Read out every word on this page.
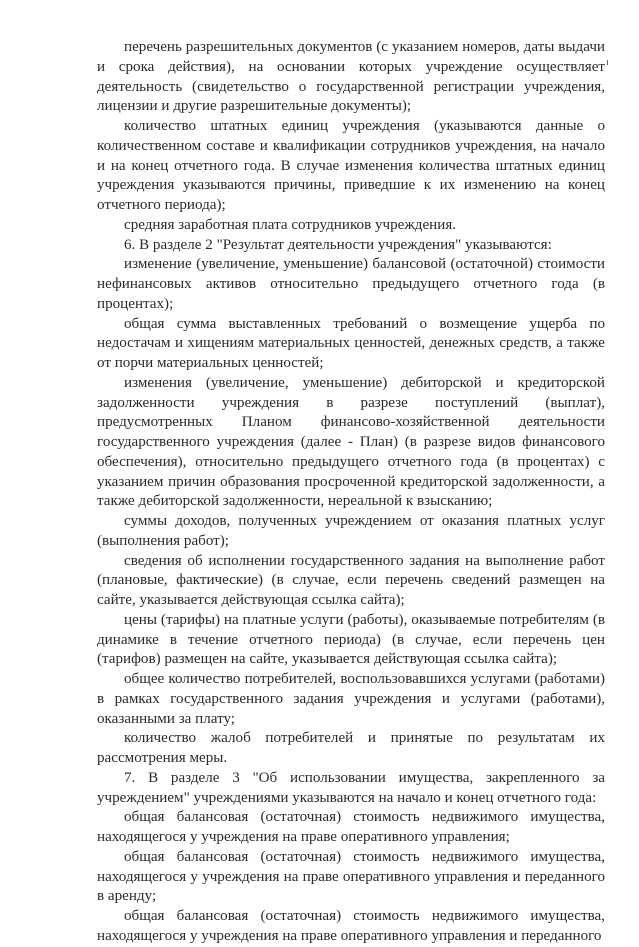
перечень разрешительных документов (с указанием номеров, даты выдачи и срока действия), на основании которых учреждение осуществляет деятельность (свидетельство о государственной регистрации учреждения, лицензии и другие разрешительные документы);

количество штатных единиц учреждения (указываются данные о количественном составе и квалификации сотрудников учреждения, на начало и на конец отчетного года. В случае изменения количества штатных единиц учреждения указываются причины, приведшие к их изменению на конец отчетного периода);

средняя заработная плата сотрудников учреждения.

6. В разделе 2 "Результат деятельности учреждения" указываются:

изменение (увеличение, уменьшение) балансовой (остаточной) стоимости нефинансовых активов относительно предыдущего отчетного года (в процентах);

общая сумма выставленных требований о возмещение ущерба по недостачам и хищениям материальных ценностей, денежных средств, а также от порчи материальных ценностей;

изменения (увеличение, уменьшение) дебиторской и кредиторской задолженности учреждения в разрезе поступлений (выплат), предусмотренных Планом финансово-хозяйственной деятельности государственного учреждения (далее - План) (в разрезе видов финансового обеспечения), относительно предыдущего отчетного года (в процентах) с указанием причин образования просроченной кредиторской задолженности, а также дебиторской задолженности, нереальной к взысканию;

суммы доходов, полученных учреждением от оказания платных услуг (выполнения работ);

сведения об исполнении государственного задания на выполнение работ (плановые, фактические) (в случае, если перечень сведений размещен на сайте, указывается действующая ссылка сайта);

цены (тарифы) на платные услуги (работы), оказываемые потребителям (в динамике в течение отчетного периода) (в случае, если перечень цен (тарифов) размещен на сайте, указывается действующая ссылка сайта);

общее количество потребителей, воспользовавшихся услугами (работами) в рамках государственного задания учреждения и услугами (работами), оказанными за плату;

количество жалоб потребителей и принятые по результатам их рассмотрения меры.

7. В разделе 3 "Об использовании имущества, закрепленного за учреждением" учреждениями указываются на начало и конец отчетного года:

общая балансовая (остаточная) стоимость недвижимого имущества, находящегося у учреждения на праве оперативного управления;

общая балансовая (остаточная) стоимость недвижимого имущества, находящегося у учреждения на праве оперативного управления и переданного в аренду;

общая балансовая (остаточная) стоимость недвижимого имущества, находящегося у учреждения на праве оперативного управления и переданного
